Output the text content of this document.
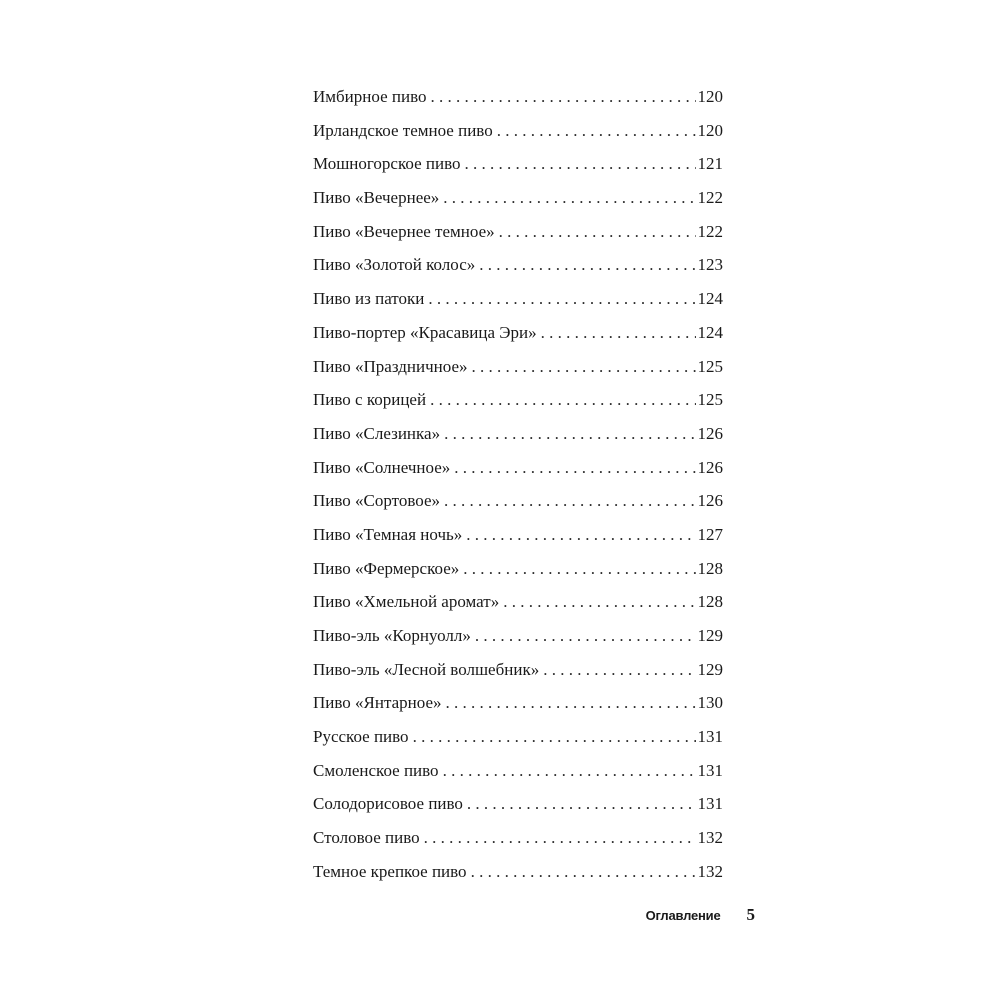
Имбирное пиво . . .	120
Ирландское темное пиво . . .	120
Мошногорское пиво . . .	121
Пиво «Вечернее» . . .	122
Пиво «Вечернее темное» . . .	122
Пиво «Золотой колос» . . .	123
Пиво из патоки . . .	124
Пиво-портер «Красавица Эри» . . .	124
Пиво «Праздничное» . . .	125
Пиво с корицей . . .	125
Пиво «Слезинка» . . .	126
Пиво «Солнечное» . . .	126
Пиво «Сортовое» . . .	126
Пиво «Темная ночь» . . .	127
Пиво «Фермерское» . . .	128
Пиво «Хмельной аромат» . . .	128
Пиво-эль «Корнуолл» . . .	129
Пиво-эль «Лесной волшебник» . . .	129
Пиво «Янтарное» . . .	130
Русское пиво . . .	131
Смоленское пиво . . .	131
Солодорисовое пиво . . .	131
Столовое пиво . . .	132
Темное крепкое пиво . . .	132
Оглавление 5
